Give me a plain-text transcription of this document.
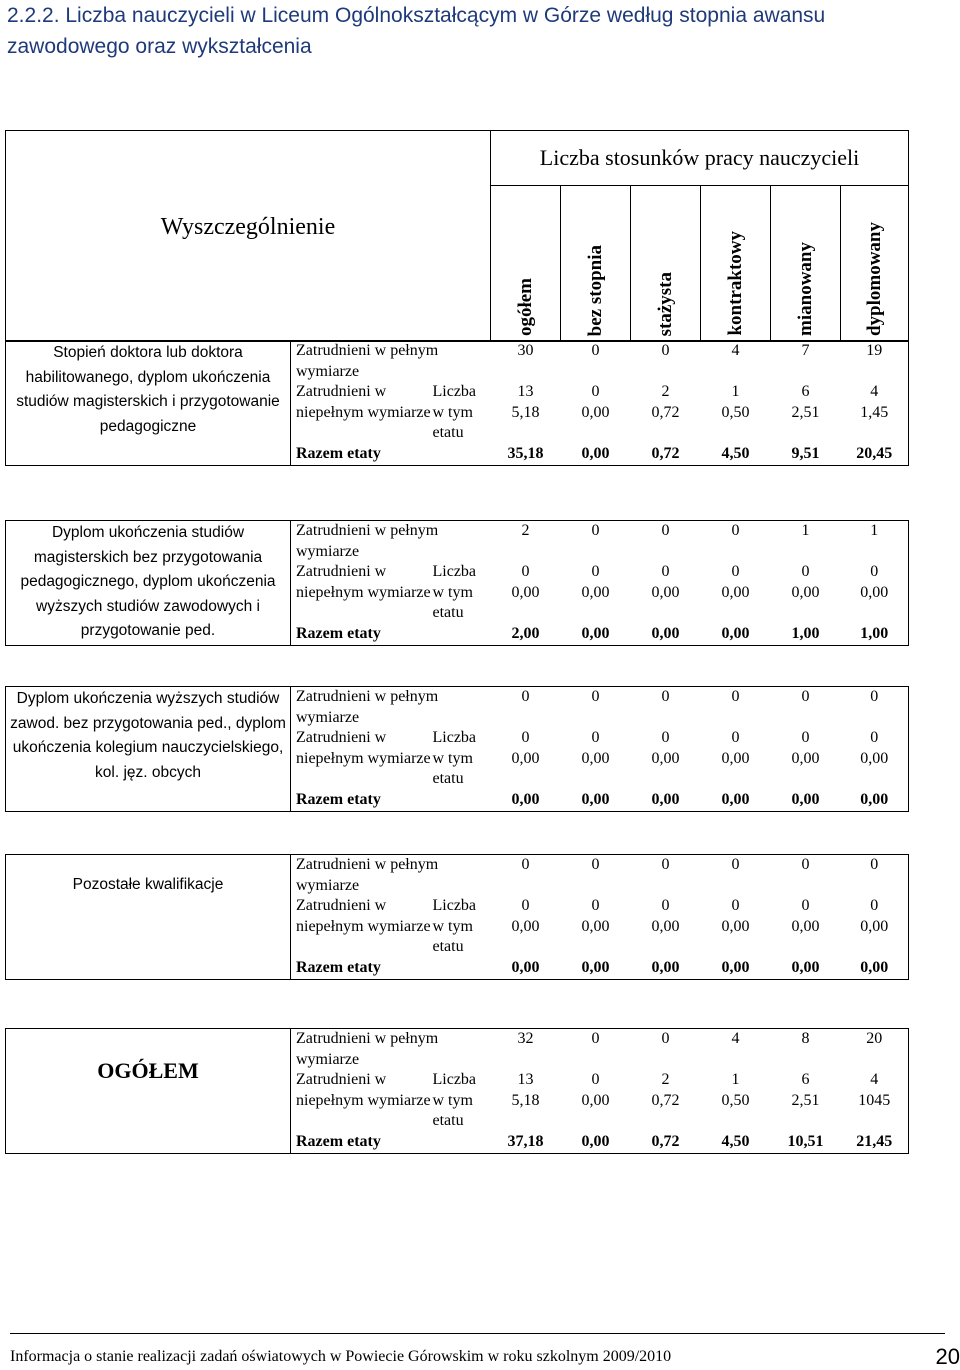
2.2.2. Liczba nauczycieli w Liceum Ogólnokształcącym w Górze według stopnia awansu zawodowego oraz wykształcenia
Wyszczególnienie	Liczba stosunków pracy nauczycieli					
	ogółem	bez stopnia	stażysta	kontraktowy	mianowany	dyplomowany
Stopień doktora lub doktora habilitowanego, dyplom ukończenia studiów magisterskich i przygotowanie pedagogiczne	Zatrudnieni w pełnym wymiarze		30	0	0	4	7	19
	Zatrudnieni w niepełnym wymiarze	Liczba	13	0	2	1	6	4
		w tym etatu	5,18	0,00	0,72	0,50	2,51	1,45
	Razem etaty		35,18	0,00	0,72	4,50	9,51	20,45
Dyplom ukończenia studiów magisterskich bez przygotowania pedagogicznego, dyplom ukończenia wyższych studiów zawodowych i przygotowanie ped.	Zatrudnieni w pełnym wymiarze		2	0	0	0	1	1
	Zatrudnieni w niepełnym wymiarze	Liczba	0	0	0	0	0	0
		w tym etatu	0,00	0,00	0,00	0,00	0,00	0,00
	Razem etaty		2,00	0,00	0,00	0,00	1,00	1,00
Dyplom ukończenia wyższych studiów zawod. bez przygotowania ped., dyplom ukończenia kolegium nauczycielskiego, kol. jęz. obcych	Zatrudnieni w pełnym wymiarze		0	0	0	0	0	0
	Zatrudnieni w niepełnym wymiarze	Liczba	0	0	0	0	0	0
		w tym etatu	0,00	0,00	0,00	0,00	0,00	0,00
	Razem etaty		0,00	0,00	0,00	0,00	0,00	0,00
Pozostałe kwalifikacje	Zatrudnieni w pełnym wymiarze		0	0	0	0	0	0
	Zatrudnieni w niepełnym wymiarze	Liczba	0	0	0	0	0	0
		w tym etatu	0,00	0,00	0,00	0,00	0,00	0,00
	Razem etaty		0,00	0,00	0,00	0,00	0,00	0,00
OGÓŁEM	Zatrudnieni w pełnym wymiarze		32	0	0	4	8	20
	Zatrudnieni w niepełnym wymiarze	Liczba	13	0	2	1	6	4
		w tym etatu	5,18	0,00	0,72	0,50	2,51	1045
	Razem etaty		37,18	0,00	0,72	4,50	10,51	21,45
Informacja o stanie realizacji zadań oświatowych w Powiecie Górowskim w roku szkolnym 2009/2010	20
